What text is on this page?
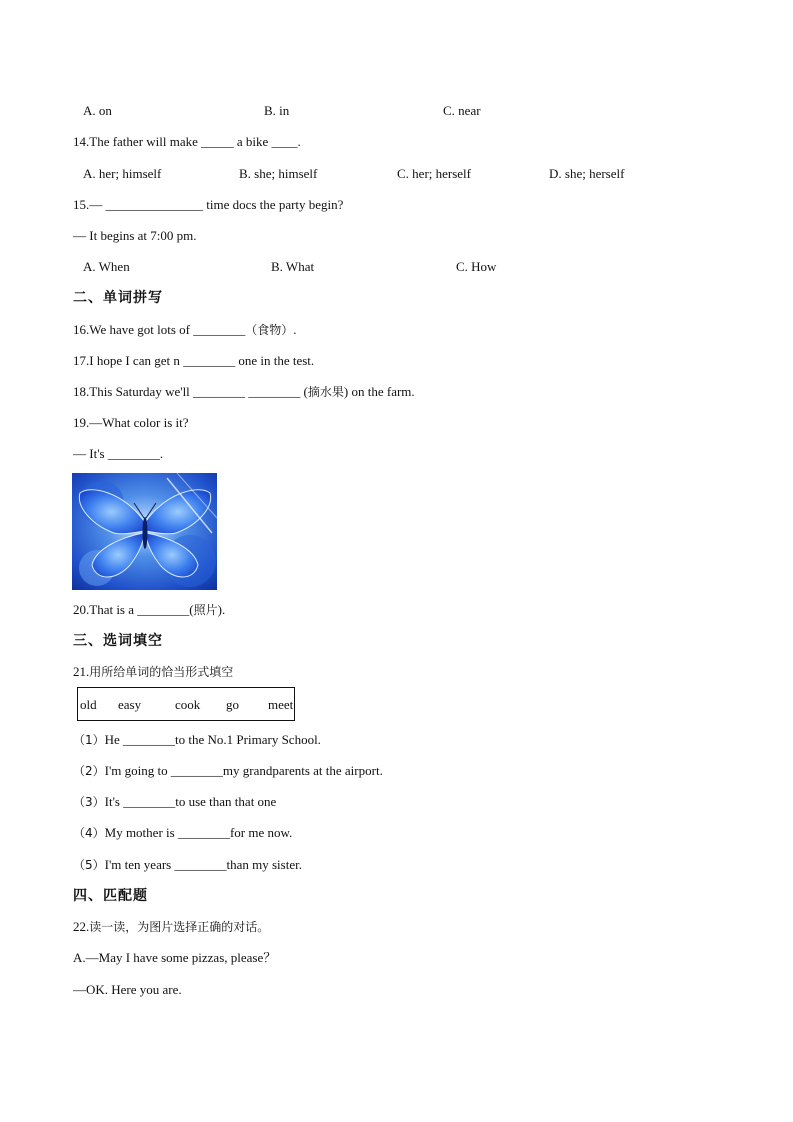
A. on	B. in	C. near
14.The father will make _____ a bike ____.
A. her; himself	B. she; himself	C. her; herself	D. she; herself
15.— _______________ time docs the party begin?
— It begins at 7:00 pm.
A. When	B. What	C. How
二、单词拼写
16.We have got lots of ________（食物）.
17.I hope I can get n ________ one in the test.
18.This Saturday we'll ________ ________ (摘水果) on the farm.
19.—What color is it?
— It's ________.
20.That is a ________(照片).
三、选词填空
21.用所给单词的恰当形式填空
old easy	cook go meet
（1）He ________to the No.1 Primary School.
（2）I'm going to ________my grandparents at the airport.
（3）It's ________to use than that one
（4）My mother is ________for me now.
（5）I'm ten years ________than my sister.
四、匹配题
22.读一读，为图片选择正确的对话。
A.—May I have some pizzas, please？
—OK. Here you are.
